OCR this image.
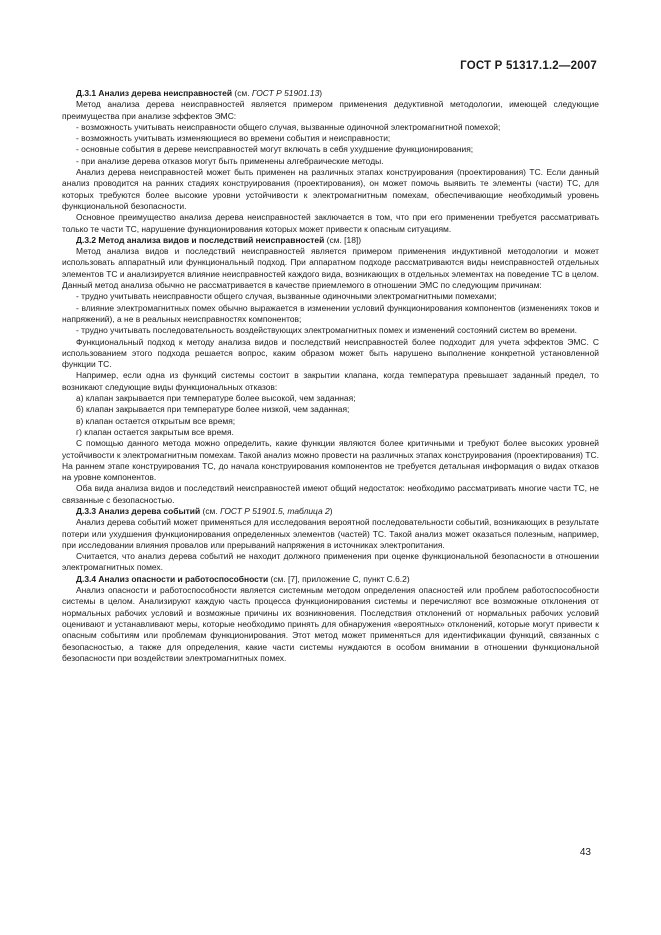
ГОСТ Р 51317.1.2—2007

Д.3.1 Анализ дерева неисправностей (см. ГОСТ Р 51901.13)

Метод анализа дерева неисправностей является примером применения дедуктивной методологии, имеющей следующие преимущества при анализе эффектов ЭМС:

- возможность учитывать неисправности общего случая, вызванные одиночной электромагнитной помехой;

- возможность учитывать изменяющиеся во времени события и неисправности;

- основные события в дереве неисправностей могут включать в себя ухудшение функционирования;

- при анализе дерева отказов могут быть применены алгебраические методы.

Анализ дерева неисправностей может быть применен на различных этапах конструирования (проектирования) ТС. Если данный анализ проводится на ранних стадиях конструирования (проектирования), он может помочь выявить те элементы (части) ТС, для которых требуются более высокие уровни устойчивости к электромагнитным помехам, обеспечивающие необходимый уровень функциональной безопасности.

Основное преимущество анализа дерева неисправностей заключается в том, что при его применении требуется рассматривать только те части ТС, нарушение функционирования которых может привести к опасным ситуациям.

Д.3.2 Метод анализа видов и последствий неисправностей (см. [18])

Метод анализа видов и последствий неисправностей является примером применения индуктивной методологии и может использовать аппаратный или функциональный подход. При аппаратном подходе рассматриваются виды неисправностей отдельных элементов ТС и анализируется влияние неисправностей каждого вида, возникающих в отдельных элементах на поведение ТС в целом. Данный метод анализа обычно не рассматривается в качестве приемлемого в отношении ЭМС по следующим причинам:

- трудно учитывать неисправности общего случая, вызванные одиночными электромагнитными помехами;

- влияние электромагнитных помех обычно выражается в изменении условий функционирования компонентов (изменениях токов и напряжений), а не в реальных неисправностях компонентов;

- трудно учитывать последовательность воздействующих электромагнитных помех и изменений состояний систем во времени.

Функциональный подход к методу анализа видов и последствий неисправностей более подходит для учета эффектов ЭМС. С использованием этого подхода решается вопрос, каким образом может быть нарушено выполнение конкретной установленной функции ТС.

Например, если одна из функций системы состоит в закрытии клапана, когда температура превышает заданный предел, то возникают следующие виды функциональных отказов:

а) клапан закрывается при температуре более высокой, чем заданная;

б) клапан закрывается при температуре более низкой, чем заданная;

в) клапан остается открытым все время;

г) клапан остается закрытым все время.

С помощью данного метода можно определить, какие функции являются более критичными и требуют более высоких уровней устойчивости к электромагнитным помехам. Такой анализ можно провести на различных этапах конструирования (проектирования) ТС. На раннем этапе конструирования ТС, до начала конструирования компонентов не требуется детальная информация о видах отказов на уровне компонентов.

Оба вида анализа видов и последствий неисправностей имеют общий недостаток: необходимо рассматривать многие части ТС, не связанные с безопасностью.

Д.3.3 Анализ дерева событий (см. ГОСТ Р 51901.5, таблица 2)

Анализ дерева событий может применяться для исследования вероятной последовательности событий, возникающих в результате потери или ухудшения функционирования определенных элементов (частей) ТС. Такой анализ может оказаться полезным, например, при исследовании влияния провалов или прерываний напряжения в источниках электропитания.

Считается, что анализ дерева событий не находит должного применения при оценке функциональной безопасности в отношении электромагнитных помех.

Д.3.4 Анализ опасности и работоспособности (см. [7], приложение С, пункт С.6.2)

Анализ опасности и работоспособности является системным методом определения опасностей или проблем работоспособности системы в целом. Анализируют каждую часть процесса функционирования системы и перечисляют все возможные отклонения от нормальных рабочих условий и возможные причины их возникновения. Последствия отклонений от нормальных рабочих условий оценивают и устанавливают меры, которые необходимо принять для обнаружения «вероятных» отклонений, которые могут привести к опасным событиям или проблемам функционирования. Этот метод может применяться для идентификации функций, связанных с безопасностью, а также для определения, какие части системы нуждаются в особом внимании в отношении функциональной безопасности при воздействии электромагнитных помех.

43
